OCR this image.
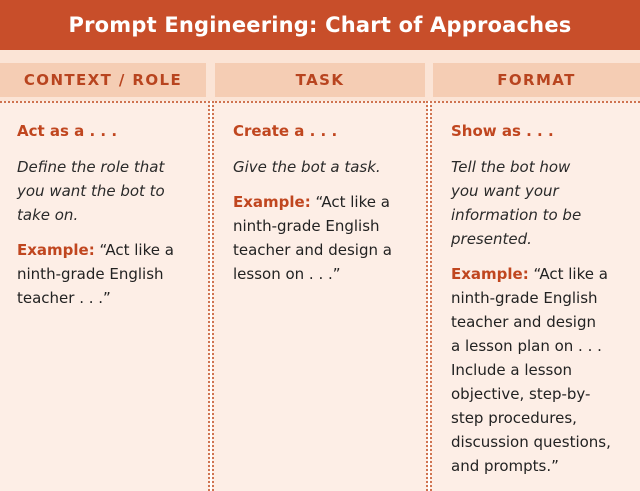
Prompt Engineering: Chart of Approaches
CONTEXT / ROLE	TASK	FORMAT
Act as a . . .
Define the role that
you want the bot to
take on.
Example: “Act like a
ninth-grade English
teacher . . .”
Create a . . .
Give the bot a task.
Example: “Act like a
ninth-grade English
teacher and design a
lesson on . . .”
Show as . . .
Tell the bot how
you want your
information to be
presented.
Example: “Act like a
ninth-grade English
teacher and design
a lesson plan on . . .
Include a lesson
objective, step-by-
step procedures,
discussion questions,
and prompts.”
